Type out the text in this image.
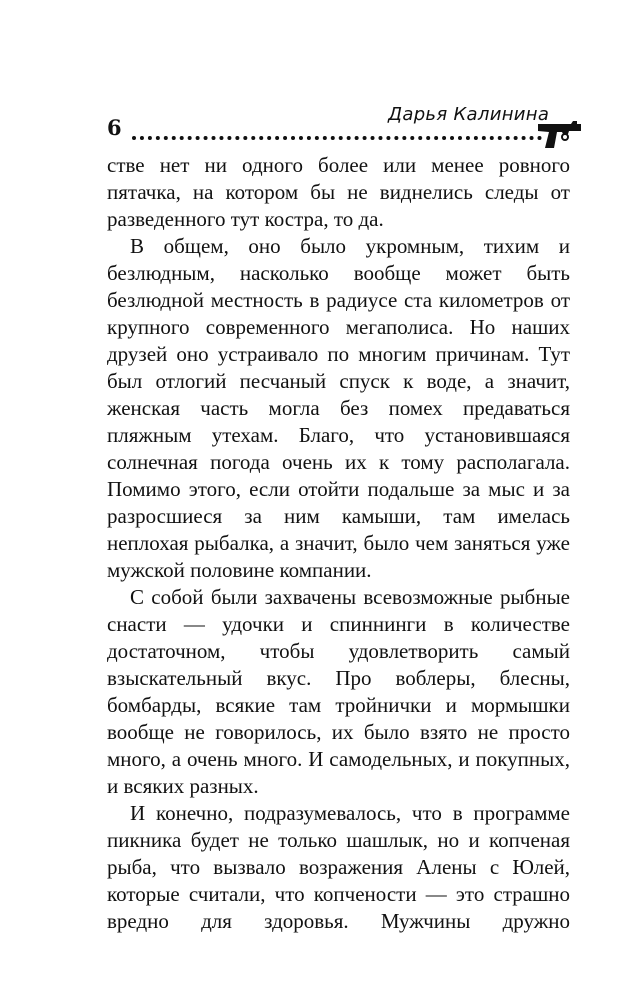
6
Дарья Калинина

стве нет ни одного более или менее ровного пятачка, на котором бы не виднелись следы от разведенного тут костра, то да.

В общем, оно было укромным, тихим и безлюдным, насколько вообще может быть безлюдной местность в радиусе ста километров от крупного современного мегаполиса. Но наших друзей оно устраивало по многим причинам. Тут был отлогий песчаный спуск к воде, а значит, женская часть могла без помех предаваться пляжным утехам. Благо, что установившаяся солнечная погода очень их к тому располагала. Помимо этого, если отойти подальше за мыс и за разросшиеся за ним камыши, там имелась неплохая рыбалка, а значит, было чем заняться уже мужской половине компании.

С собой были захвачены всевозможные рыбные снасти — удочки и спиннинги в количестве достаточном, чтобы удовлетворить самый взыскательный вкус. Про воблеры, блесны, бомбарды, всякие там тройнички и мормышки вообще не говорилось, их было взято не просто много, а очень много. И самодельных, и покупных, и всяких разных.

И конечно, подразумевалось, что в программе пикника будет не только шашлык, но и копченая рыба, что вызвало возражения Алены с Юлей, которые считали, что копчености — это страшно вредно для здоровья. Мужчины дружно
